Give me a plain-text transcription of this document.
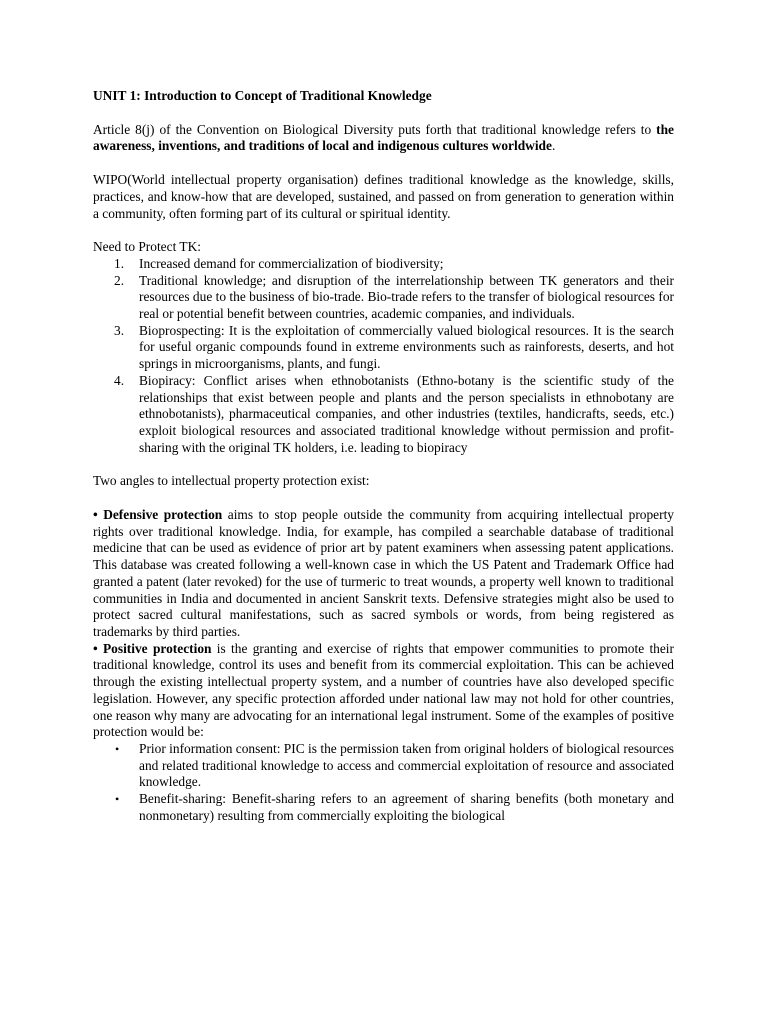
UNIT 1: Introduction to Concept of Traditional Knowledge

Article 8(j) of the Convention on Biological Diversity puts forth that traditional knowledge refers to the awareness, inventions, and traditions of local and indigenous cultures worldwide.

WIPO(World intellectual property organisation) defines traditional knowledge as the knowledge, skills, practices, and know-how that are developed, sustained, and passed on from generation to generation within a community, often forming part of its cultural or spiritual identity.

Need to Protect TK:

1. Increased demand for commercialization of biodiversity;
2. Traditional knowledge; and disruption of the interrelationship between TK generators and their resources due to the business of bio-trade. Bio-trade refers to the transfer of biological resources for real or potential benefit between countries, academic companies, and individuals.
3. Bioprospecting: It is the exploitation of commercially valued biological resources. It is the search for useful organic compounds found in extreme environments such as rainforests, deserts, and hot springs in microorganisms, plants, and fungi.
4. Biopiracy: Conflict arises when ethnobotanists (Ethno-botany is the scientific study of the relationships that exist between people and plants and the person specialists in ethnobotany are ethnobotanists), pharmaceutical companies, and other industries (textiles, handicrafts, seeds, etc.) exploit biological resources and associated traditional knowledge without permission and profit-sharing with the original TK holders, i.e. leading to biopiracy

Two angles to intellectual property protection exist:

• Defensive protection aims to stop people outside the community from acquiring intellectual property rights over traditional knowledge. India, for example, has compiled a searchable database of traditional medicine that can be used as evidence of prior art by patent examiners when assessing patent applications. This database was created following a well-known case in which the US Patent and Trademark Office had granted a patent (later revoked) for the use of turmeric to treat wounds, a property well known to traditional communities in India and documented in ancient Sanskrit texts. Defensive strategies might also be used to protect sacred cultural manifestations, such as sacred symbols or words, from being registered as trademarks by third parties.

• Positive protection is the granting and exercise of rights that empower communities to promote their traditional knowledge, control its uses and benefit from its commercial exploitation. This can be achieved through the existing intellectual property system, and a number of countries have also developed specific legislation. However, any specific protection afforded under national law may not hold for other countries, one reason why many are advocating for an international legal instrument. Some of the examples of positive protection would be:

• Prior information consent: PIC is the permission taken from original holders of biological resources and related traditional knowledge to access and commercial exploitation of resource and associated knowledge.
• Benefit-sharing: Benefit-sharing refers to an agreement of sharing benefits (both monetary and nonmonetary) resulting from commercially exploiting the biological
